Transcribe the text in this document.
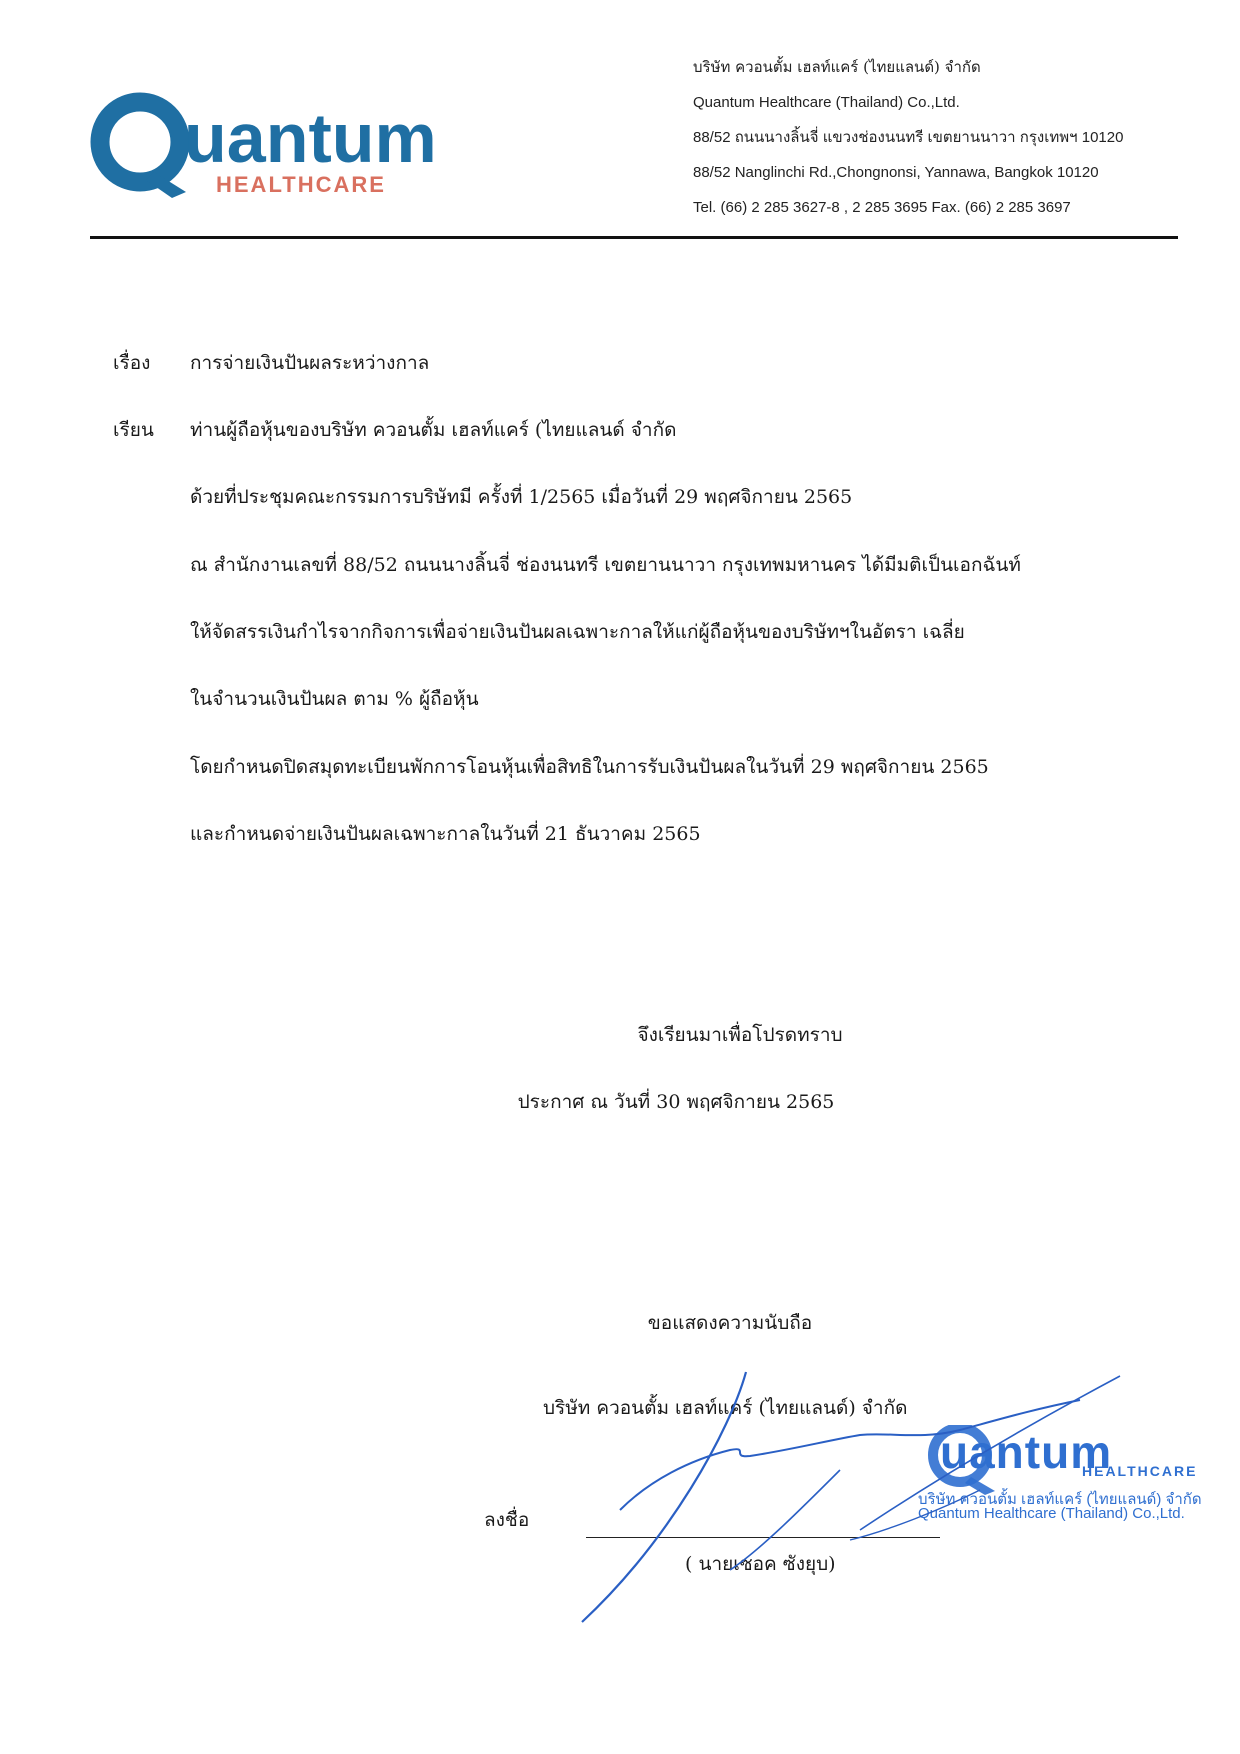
uantum
HEALTHCARE
บริษัท ควอนตั้ม เฮลท์แคร์ (ไทยแลนด์) จำกัด
Quantum Healthcare (Thailand) Co.,Ltd.
88/52 ถนนนางลิ้นจี่ แขวงช่องนนทรี เขตยานนาวา กรุงเทพฯ 10120
88/52 Nanglinchi Rd.,Chongnonsi, Yannawa, Bangkok 10120
Tel. (66) 2 285 3627-8 , 2 285 3695 Fax. (66) 2 285 3697
เรื่อง การจ่ายเงินปันผลระหว่างกาล
เรียน ท่านผู้ถือหุ้นของบริษัท ควอนตั้ม เฮลท์แคร์ (ไทยแลนด์ จำกัด
ด้วยที่ประชุมคณะกรรมการบริษัทมี ครั้งที่ 1/2565 เมื่อวันที่ 29 พฤศจิกายน 2565
ณ สำนักงานเลขที่ 88/52 ถนนนางลิ้นจี่ ช่องนนทรี เขตยานนาวา กรุงเทพมหานคร ได้มีมติเป็นเอกฉันท์
ให้จัดสรรเงินกำไรจากกิจการเพื่อจ่ายเงินปันผลเฉพาะกาลให้แก่ผู้ถือหุ้นของบริษัทฯในอัตรา เฉลี่ย
ในจำนวนเงินปันผล ตาม % ผู้ถือหุ้น
โดยกำหนดปิดสมุดทะเบียนพักการโอนหุ้นเพื่อสิทธิในการรับเงินปันผลในวันที่ 29 พฤศจิกายน 2565
และกำหนดจ่ายเงินปันผลเฉพาะกาลในวันที่ 21 ธันวาคม 2565
จึงเรียนมาเพื่อโปรดทราบ
ประกาศ ณ วันที่ 30 พฤศจิกายน 2565
ขอแสดงความนับถือ
บริษัท ควอนตั้ม เฮลท์แคร์ (ไทยแลนด์) จำกัด
ลงชื่อ
( นายเซอค ซังยุบ)
uantum
HEALTHCARE
บริษัท ควอนตั้ม เฮลท์แคร์ (ไทยแลนด์) จำกัด
Quantum Healthcare (Thailand) Co.,Ltd.
